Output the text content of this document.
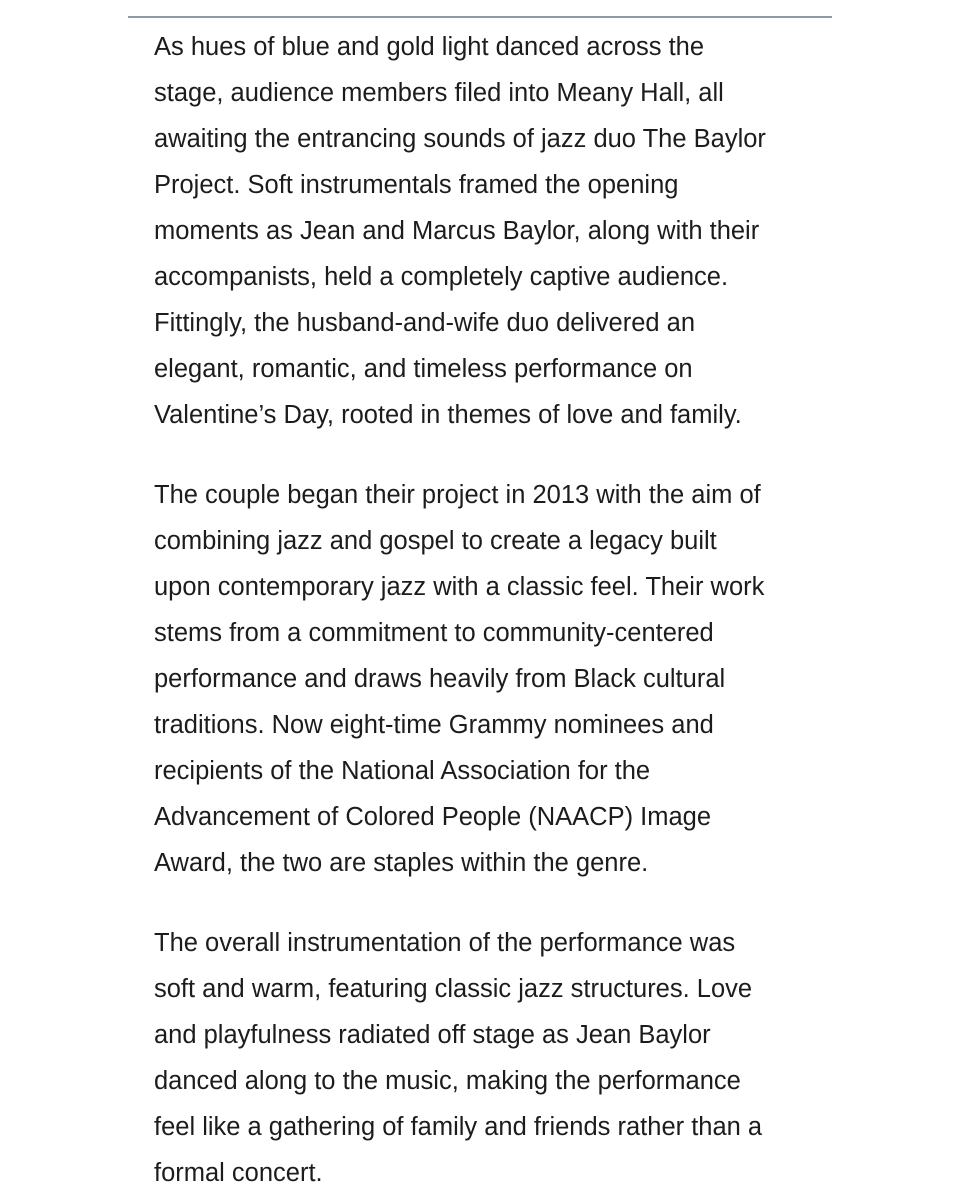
As hues of blue and gold light danced across the
stage, audience members filed into Meany Hall, all
awaiting the entrancing sounds of jazz duo The Baylor
Project. Soft instrumentals framed the opening
moments as Jean and Marcus Baylor, along with their
accompanists, held a completely captive audience.
Fittingly, the husband-and-wife duo delivered an
elegant, romantic, and timeless performance on
Valentine’s Day, rooted in themes of love and family.

The couple began their project in 2013 with the aim of
combining jazz and gospel to create a legacy built
upon contemporary jazz with a classic feel. Their work
stems from a commitment to community-centered
performance and draws heavily from Black cultural
traditions. Now eight-time Grammy nominees and
recipients of the National Association for the
Advancement of Colored People (NAACP) Image
Award, the two are staples within the genre.

The overall instrumentation of the performance was
soft and warm, featuring classic jazz structures. Love
and playfulness radiated off stage as Jean Baylor
danced along to the music, making the performance
feel like a gathering of family and friends rather than a
formal concert.
